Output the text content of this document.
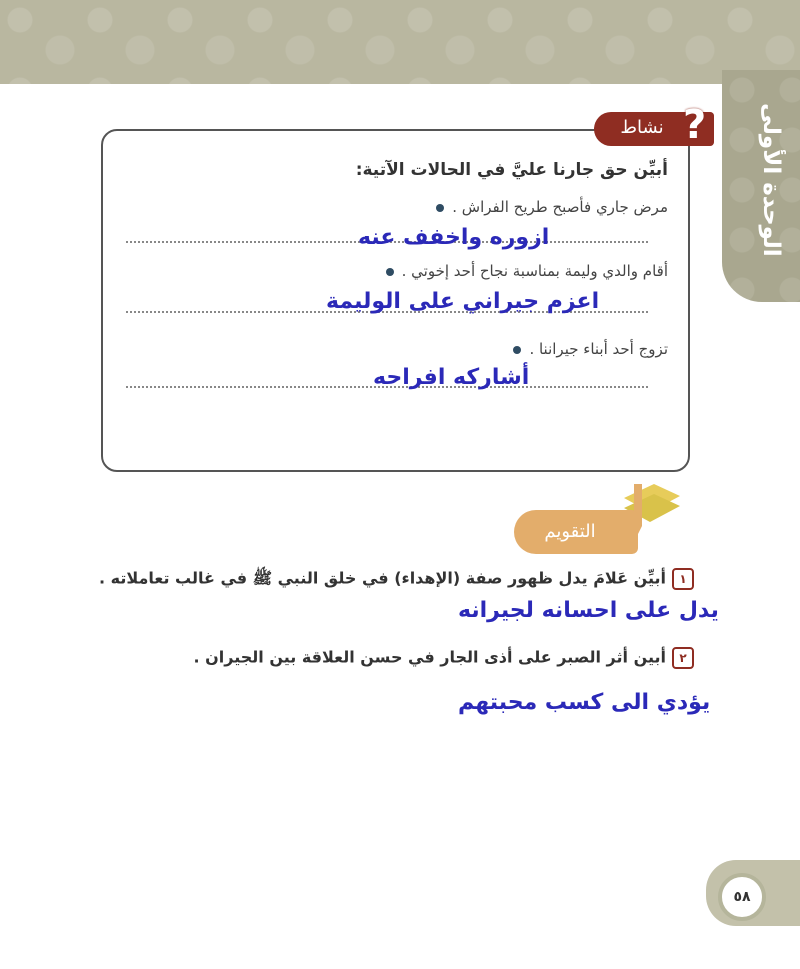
الوحدة الأولى
نشاط ?
أبيِّن حق جارنا عليَّ في الحالات الآتية:
مرض جاري فأصبح طريح الفراش .
ازوره واخفف عنه
أقام والدي وليمة بمناسبة نجاح أحد إخوتي .
اعزم جيراني على الوليمة
تزوج أحد أبناء جيراننا .
أشاركه افراحه
التقويم
١أبيِّن عَلامَ يدل ظهور صفة (الإهداء) في خلق النبي ﷺ في غالب تعاملاته .
يدل على احسانه لجيرانه
٢أبين أثر الصبر على أذى الجار في حسن العلاقة بين الجيران .
يؤدي الى كسب محبتهم
٥٨
